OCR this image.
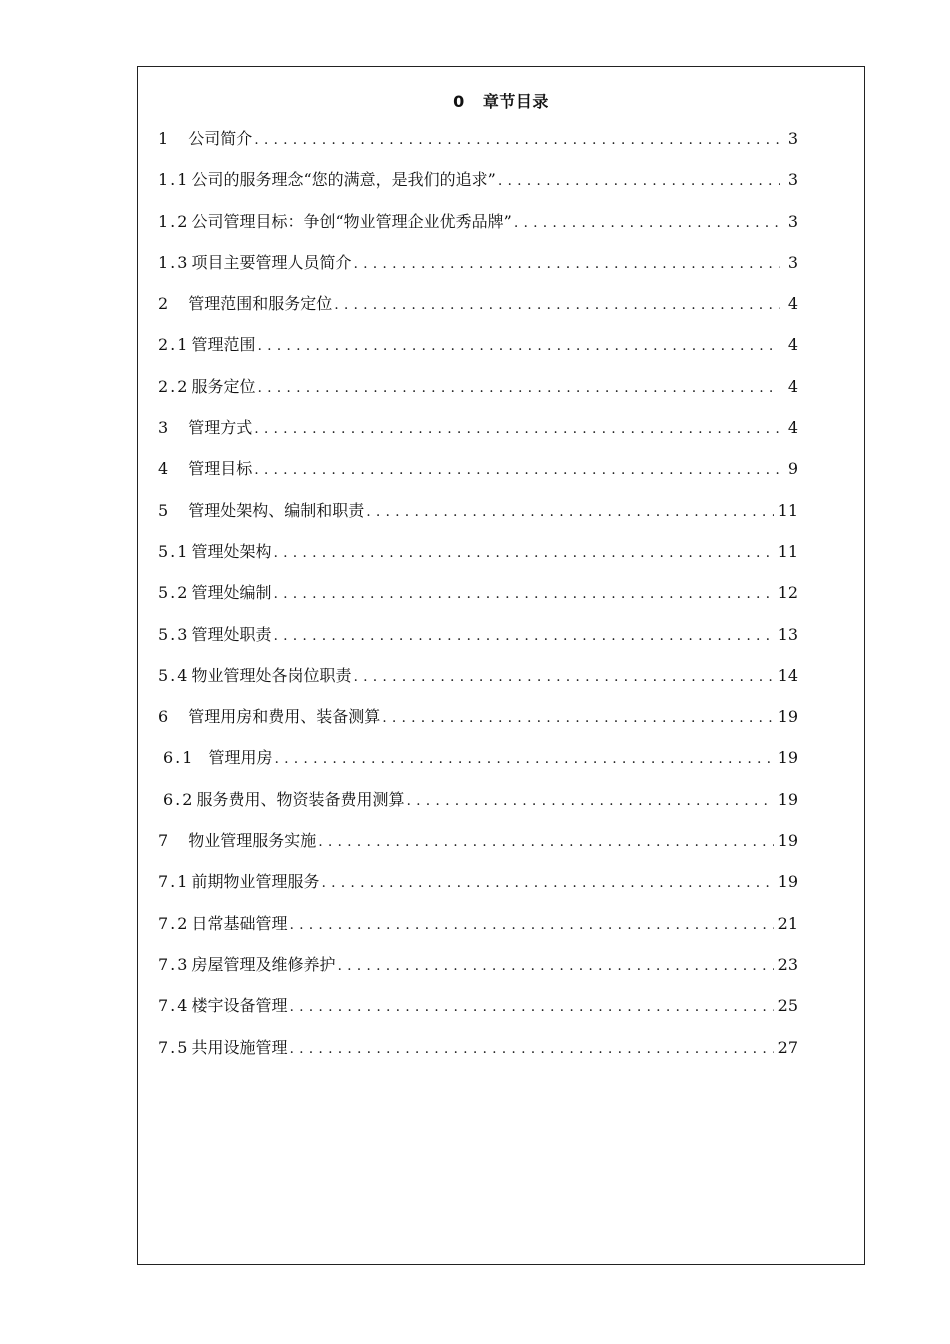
0 章节目录
1 公司简介 .....	3
1.1 公司的服务理念“您的满意，是我们的追求” .....	3
1.2 公司管理目标：争创“物业管理企业优秀品牌” .....	3
1.3 项目主要管理人员简介 .....	3
2 管理范围和服务定位 .....	4
2.1 管理范围 .....	4
2.2 服务定位 .....	4
3 管理方式 .....	4
4 管理目标 .....	9
5 管理处架构、编制和职责 .....	11
5.1 管理处架构 .....	11
5.2 管理处编制 .....	12
5.3 管理处职责 .....	13
5.4 物业管理处各岗位职责 .....	14
6 管理用房和费用、装备测算 .....	19
6.1 管理用房 .....	19
6.2 服务费用、物资装备费用测算 .....	19
7 物业管理服务实施 .....	19
7.1 前期物业管理服务 .....	19
7.2 日常基础管理 .....	21
7.3 房屋管理及维修养护 .....	23
7.4 楼宇设备管理 .....	25
7.5 共用设施管理 .....	27
